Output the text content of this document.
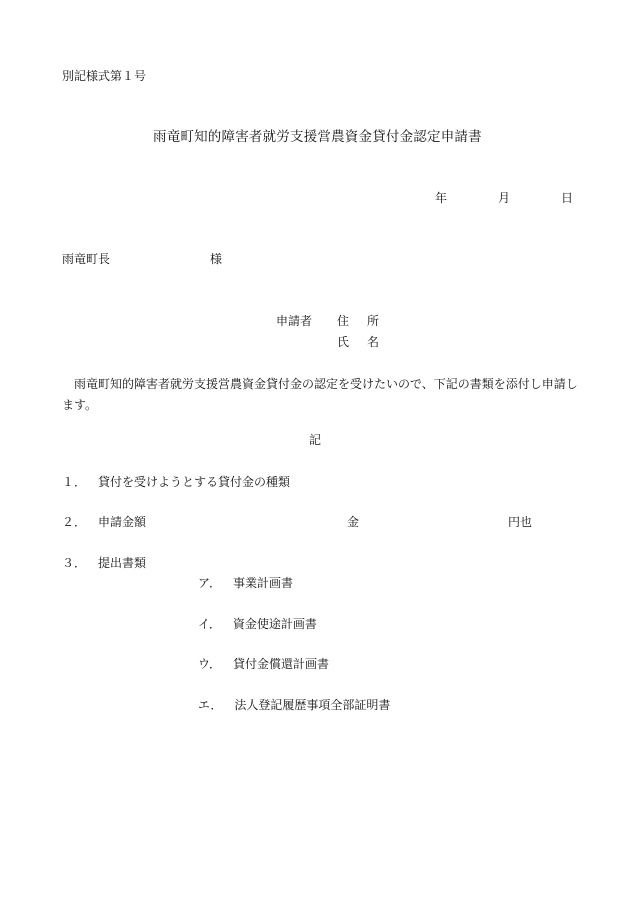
別記様式第１号
雨竜町知的障害者就労支援営農資金貸付金認定申請書
年	月	日
雨竜町長	様
申請者 住所
氏名
雨竜町知的障害者就労支援営農資金貸付金の認定を受けたいので、下記の書類を添付し申請します。
記
１． 貸付を受けようとする貸付金の種類
２． 申請金額	金	円也
３． 提出書類
ア． 事業計画書
イ． 資金使途計画書
ウ． 貸付金償還計画書
エ． 法人登記履歴事項全部証明書
